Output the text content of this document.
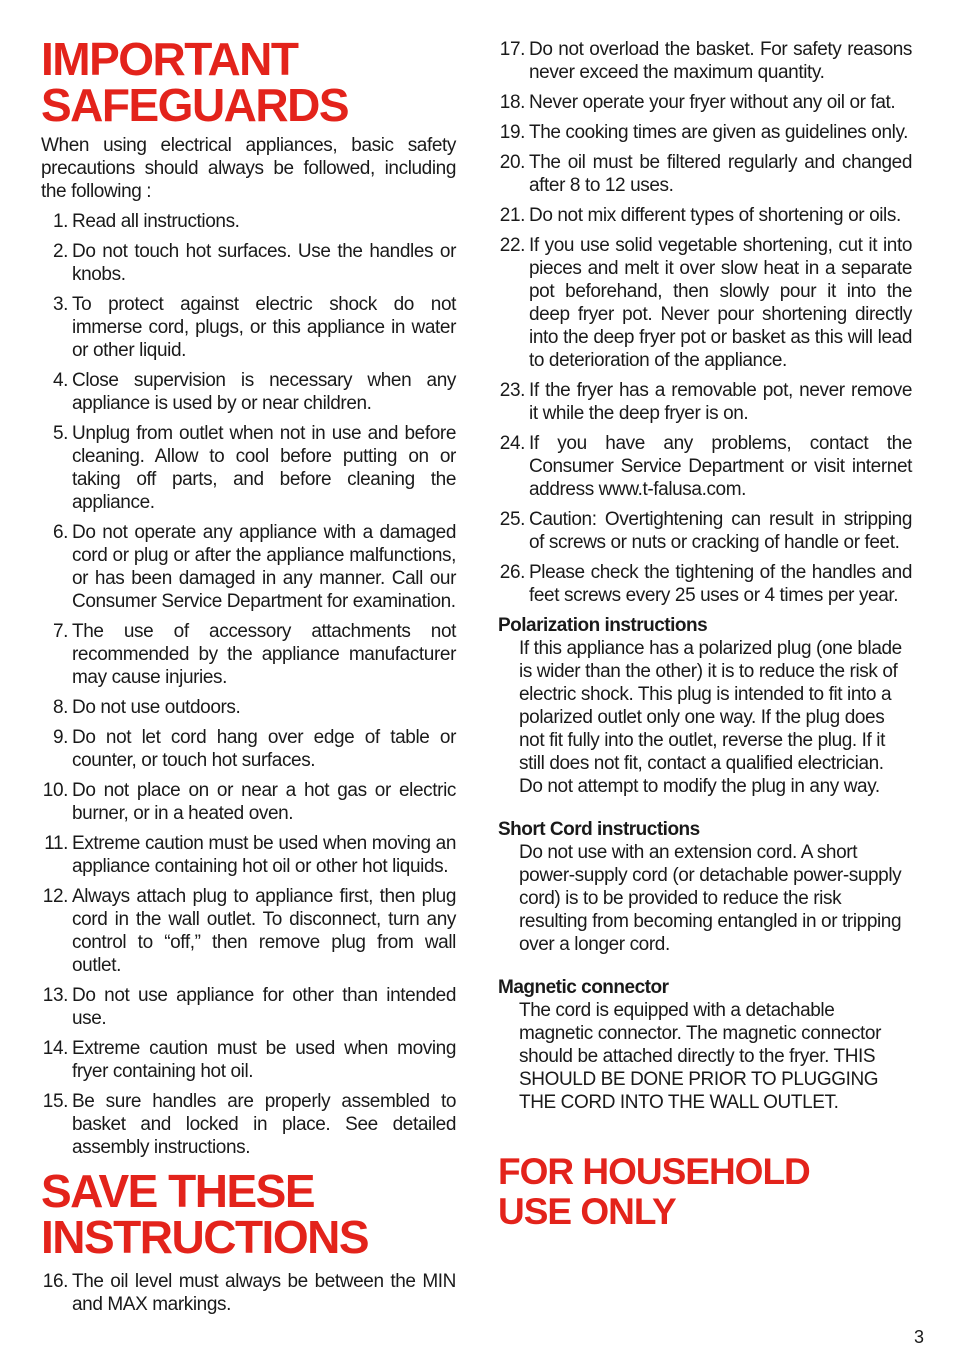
IMPORTANT SAFEGUARDS

When using electrical appliances, basic safety precautions should always be followed, including the following :

1. Read all instructions.
2. Do not touch hot surfaces. Use the handles or knobs.
3. To protect against electric shock do not immerse cord, plugs, or this appliance in water or other liquid.
4. Close supervision is necessary when any appliance is used by or near children.
5. Unplug from outlet when not in use and before cleaning. Allow to cool before putting on or taking off parts, and before cleaning the appliance.
6. Do not operate any appliance with a damaged cord or plug or after the appliance malfunctions, or has been damaged in any manner. Call our Consumer Service Department for examination.
7. The use of accessory attachments not recommended by the appliance manufacturer may cause injuries.
8. Do not use outdoors.
9. Do not let cord hang over edge of table or counter, or touch hot surfaces.
10. Do not place on or near a hot gas or electric burner, or in a heated oven.
11. Extreme caution must be used when moving an appliance containing hot oil or other hot liquids.
12. Always attach plug to appliance first, then plug cord in the wall outlet. To disconnect, turn any control to “off,” then remove plug from wall outlet.
13. Do not use appliance for other than intended use.
14. Extreme caution must be used when moving fryer containing hot oil.
15. Be sure handles are properly assembled to basket and locked in place. See detailed assembly instructions.
SAVE THESE INSTRUCTIONS
16. The oil level must always be between the MIN and MAX markings.
17. Do not overload the basket. For safety reasons never exceed the maximum quantity.
18. Never operate your fryer without any oil or fat.
19. The cooking times are given as guidelines only.
20. The oil must be filtered regularly and changed after 8 to 12 uses.
21. Do not mix different types of shortening or oils.
22. If you use solid vegetable shortening, cut it into pieces and melt it over slow heat in a separate pot beforehand, then slowly pour it into the deep fryer pot. Never pour shortening directly into the deep fryer pot or basket as this will lead to deterioration of the appliance.
23. If the fryer has a removable pot, never remove it while the deep fryer is on.
24. If you have any problems, contact the Consumer Service Department or visit internet address www.t-falusa.com.
25. Caution: Overtightening can result in stripping of screws or nuts or cracking of handle or feet.
26. Please check the tightening of the handles and feet screws every 25 uses or 4 times per year.

Polarization instructions

If this appliance has a polarized plug (one blade is wider than the other) it is to reduce the risk of electric shock. This plug is intended to fit into a polarized outlet only one way. If the plug does not fit fully into the outlet, reverse the plug. If it still does not fit, contact a qualified electrician. Do not attempt to modify the plug in any way.

Short Cord instructions

Do not use with an extension cord. A short power-supply cord (or detachable power-supply cord) is to be provided to reduce the risk resulting from becoming entangled in or tripping over a longer cord.

Magnetic connector

The cord is equipped with a detachable magnetic connector. The magnetic connector should be attached directly to the fryer. THIS SHOULD BE DONE PRIOR TO PLUGGING THE CORD INTO THE WALL OUTLET.

FOR HOUSEHOLD USE ONLY
3
